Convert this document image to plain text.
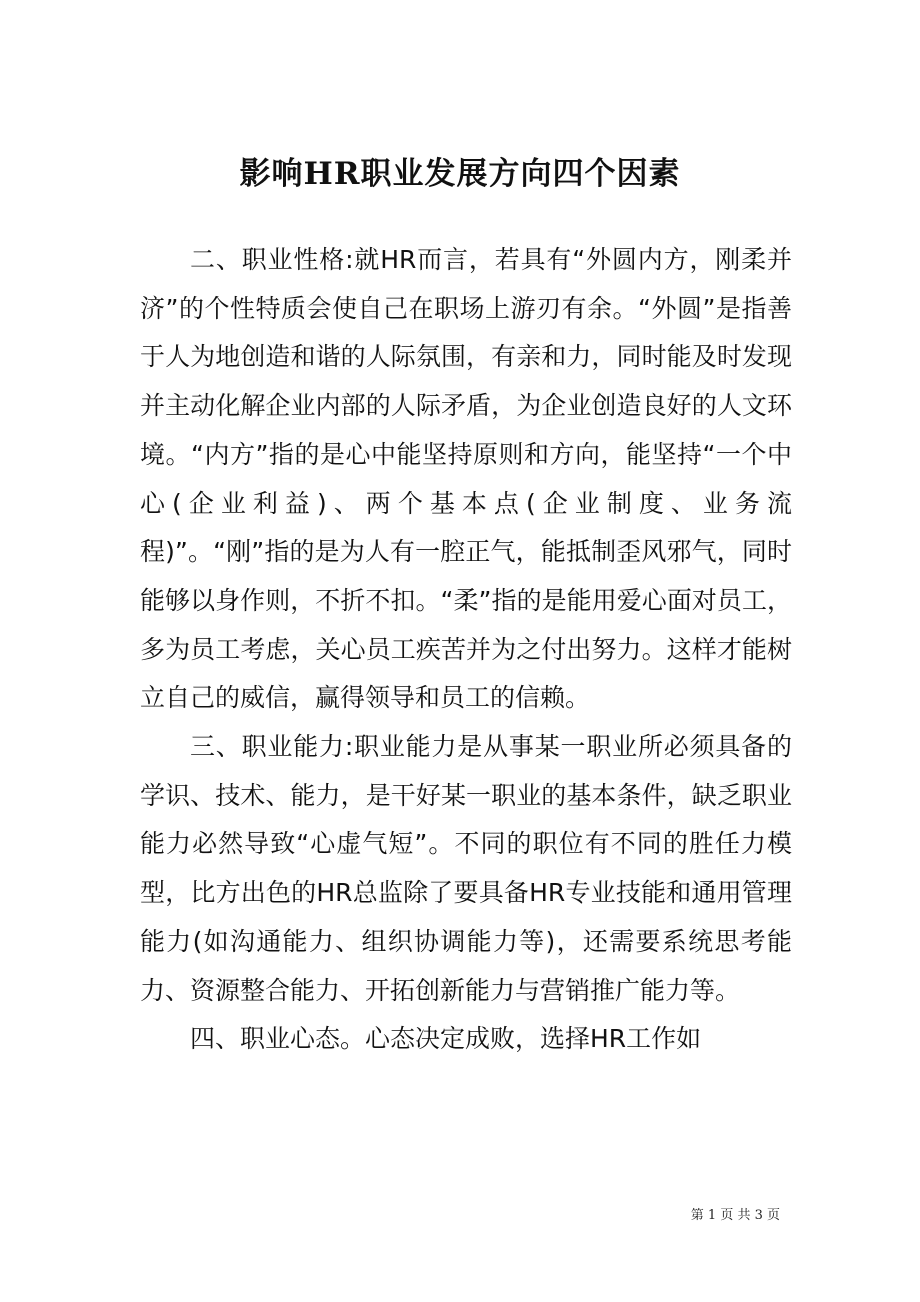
影响HR职业发展方向四个因素

二、职业性格:就HR而言，若具有“外圆内方，刚柔并济”的个性特质会使自己在职场上游刃有余。“外圆”是指善于人为地创造和谐的人际氛围，有亲和力，同时能及时发现并主动化解企业内部的人际矛盾，为企业创造良好的人文环境。“内方”指的是心中能坚持原则和方向，能坚持“一个中心(企业利益)、两个基本点(企业制度、业务流程)”。“刚”指的是为人有一腔正气，能抵制歪风邪气，同时能够以身作则，不折不扣。“柔”指的是能用爱心面对员工，多为员工考虑，关心员工疾苦并为之付出努力。这样才能树立自己的威信，赢得领导和员工的信赖。

三、职业能力:职业能力是从事某一职业所必须具备的学识、技术、能力，是干好某一职业的基本条件，缺乏职业能力必然导致“心虚气短”。不同的职位有不同的胜任力模型，比方出色的HR总监除了要具备HR专业技能和通用管理能力(如沟通能力、组织协调能力等)，还需要系统思考能力、资源整合能力、开拓创新能力与营销推广能力等。

四、职业心态。心态决定成败，选择HR工作如

第 1 页 共 3 页
